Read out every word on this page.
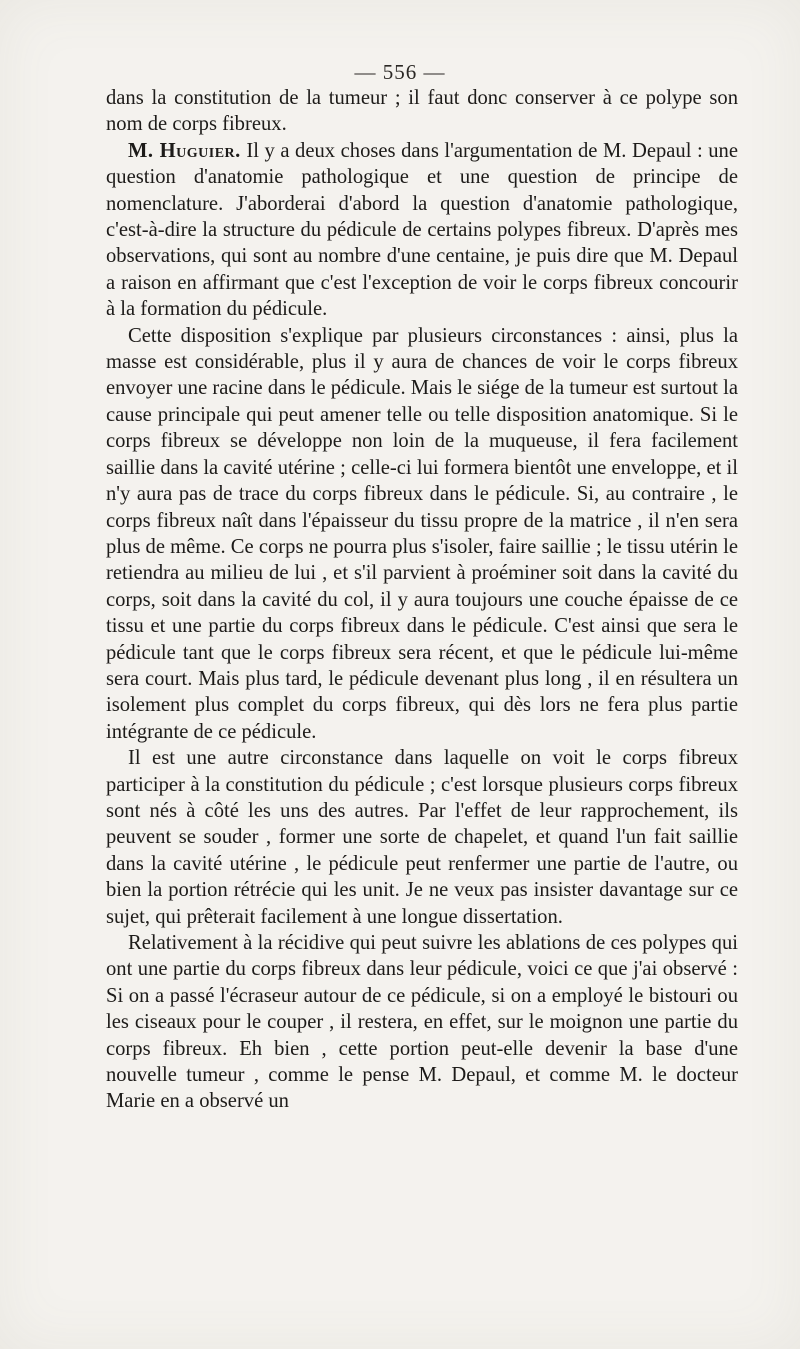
— 556 —

dans la constitution de la tumeur ; il faut donc conserver à ce polype son nom de corps fibreux.

M. Huguier. Il y a deux choses dans l'argumentation de M. Depaul : une question d'anatomie pathologique et une question de principe de nomenclature. J'aborderai d'abord la question d'anatomie pathologique, c'est-à-dire la structure du pédicule de certains polypes fibreux. D'après mes observations, qui sont au nombre d'une centaine, je puis dire que M. Depaul a raison en affirmant que c'est l'exception de voir le corps fibreux concourir à la formation du pédicule.

Cette disposition s'explique par plusieurs circonstances : ainsi, plus la masse est considérable, plus il y aura de chances de voir le corps fibreux envoyer une racine dans le pédicule. Mais le siége de la tumeur est surtout la cause principale qui peut amener telle ou telle disposition anatomique. Si le corps fibreux se développe non loin de la muqueuse, il fera facilement saillie dans la cavité utérine ; celle-ci lui formera bientôt une enveloppe, et il n'y aura pas de trace du corps fibreux dans le pédicule. Si, au contraire , le corps fibreux naît dans l'épaisseur du tissu propre de la matrice , il n'en sera plus de même. Ce corps ne pourra plus s'isoler, faire saillie ; le tissu utérin le retiendra au milieu de lui , et s'il parvient à proéminer soit dans la cavité du corps, soit dans la cavité du col, il y aura toujours une couche épaisse de ce tissu et une partie du corps fibreux dans le pédicule. C'est ainsi que sera le pédicule tant que le corps fibreux sera récent, et que le pédicule lui-même sera court. Mais plus tard, le pédicule devenant plus long , il en résultera un isolement plus complet du corps fibreux, qui dès lors ne fera plus partie intégrante de ce pédicule.

Il est une autre circonstance dans laquelle on voit le corps fibreux participer à la constitution du pédicule ; c'est lorsque plusieurs corps fibreux sont nés à côté les uns des autres. Par l'effet de leur rapprochement, ils peuvent se souder , former une sorte de chapelet, et quand l'un fait saillie dans la cavité utérine , le pédicule peut renfermer une partie de l'autre, ou bien la portion rétrécie qui les unit. Je ne veux pas insister davantage sur ce sujet, qui prêterait facilement à une longue dissertation.

Relativement à la récidive qui peut suivre les ablations de ces polypes qui ont une partie du corps fibreux dans leur pédicule, voici ce que j'ai observé : Si on a passé l'écraseur autour de ce pédicule, si on a employé le bistouri ou les ciseaux pour le couper , il restera, en effet, sur le moignon une partie du corps fibreux. Eh bien , cette portion peut-elle devenir la base d'une nouvelle tumeur , comme le pense M. Depaul, et comme M. le docteur Marie en a observé un
